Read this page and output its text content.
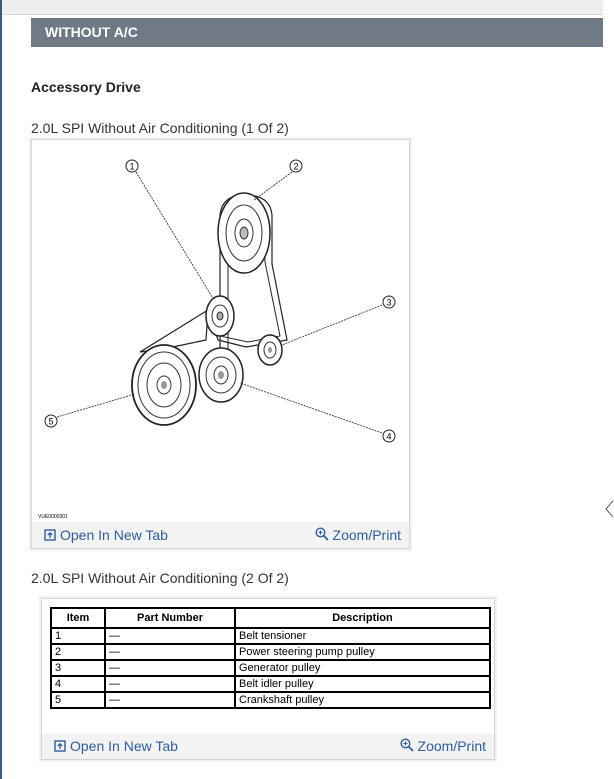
WITHOUT A/C
Accessory Drive
2.0L SPI Without Air Conditioning (1 Of 2)
1	2
3
4
5
VUE0000301
Open In New Tab	Zoom/Print
2.0L SPI Without Air Conditioning (2 Of 2)
Item	Part Number	Description
1	—	Belt tensioner
2	—	Power steering pump pulley
3	—	Generator pulley
4	—	Belt idler pulley
5	—	Crankshaft pulley
Open In New Tab	Zoom/Print
〈
